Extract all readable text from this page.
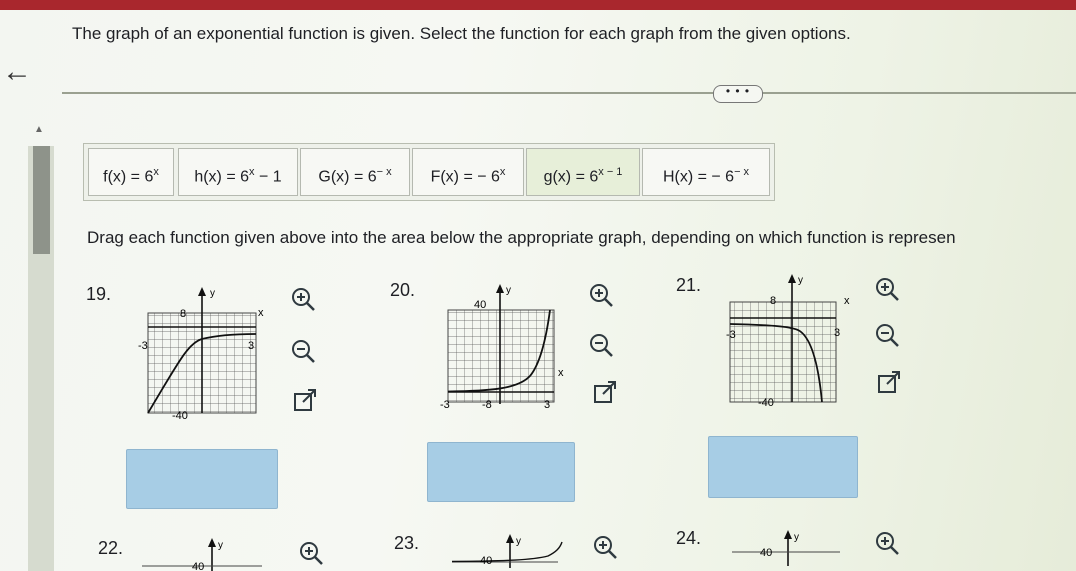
←
The graph of an exponential function is given. Select the function for each graph from the given options.
• • •
▲
$f(x) = 6^x$	$h(x) = 6^x - 1$	$G(x) = 6^{- x}$	F(x) = − $6^x$	$g(x) = 6^{x - 1}$	H(x) = − $6^{- x}$
Drag each function given above into the area below the appropriate graph, depending on which function is represen
19.	y
8	x
-3	3
-40
20.	y
40
x
-3	-8	3
21.	y
8	x
-3	3
-40
22.	y
40
23.	y
40
24.	y
40
